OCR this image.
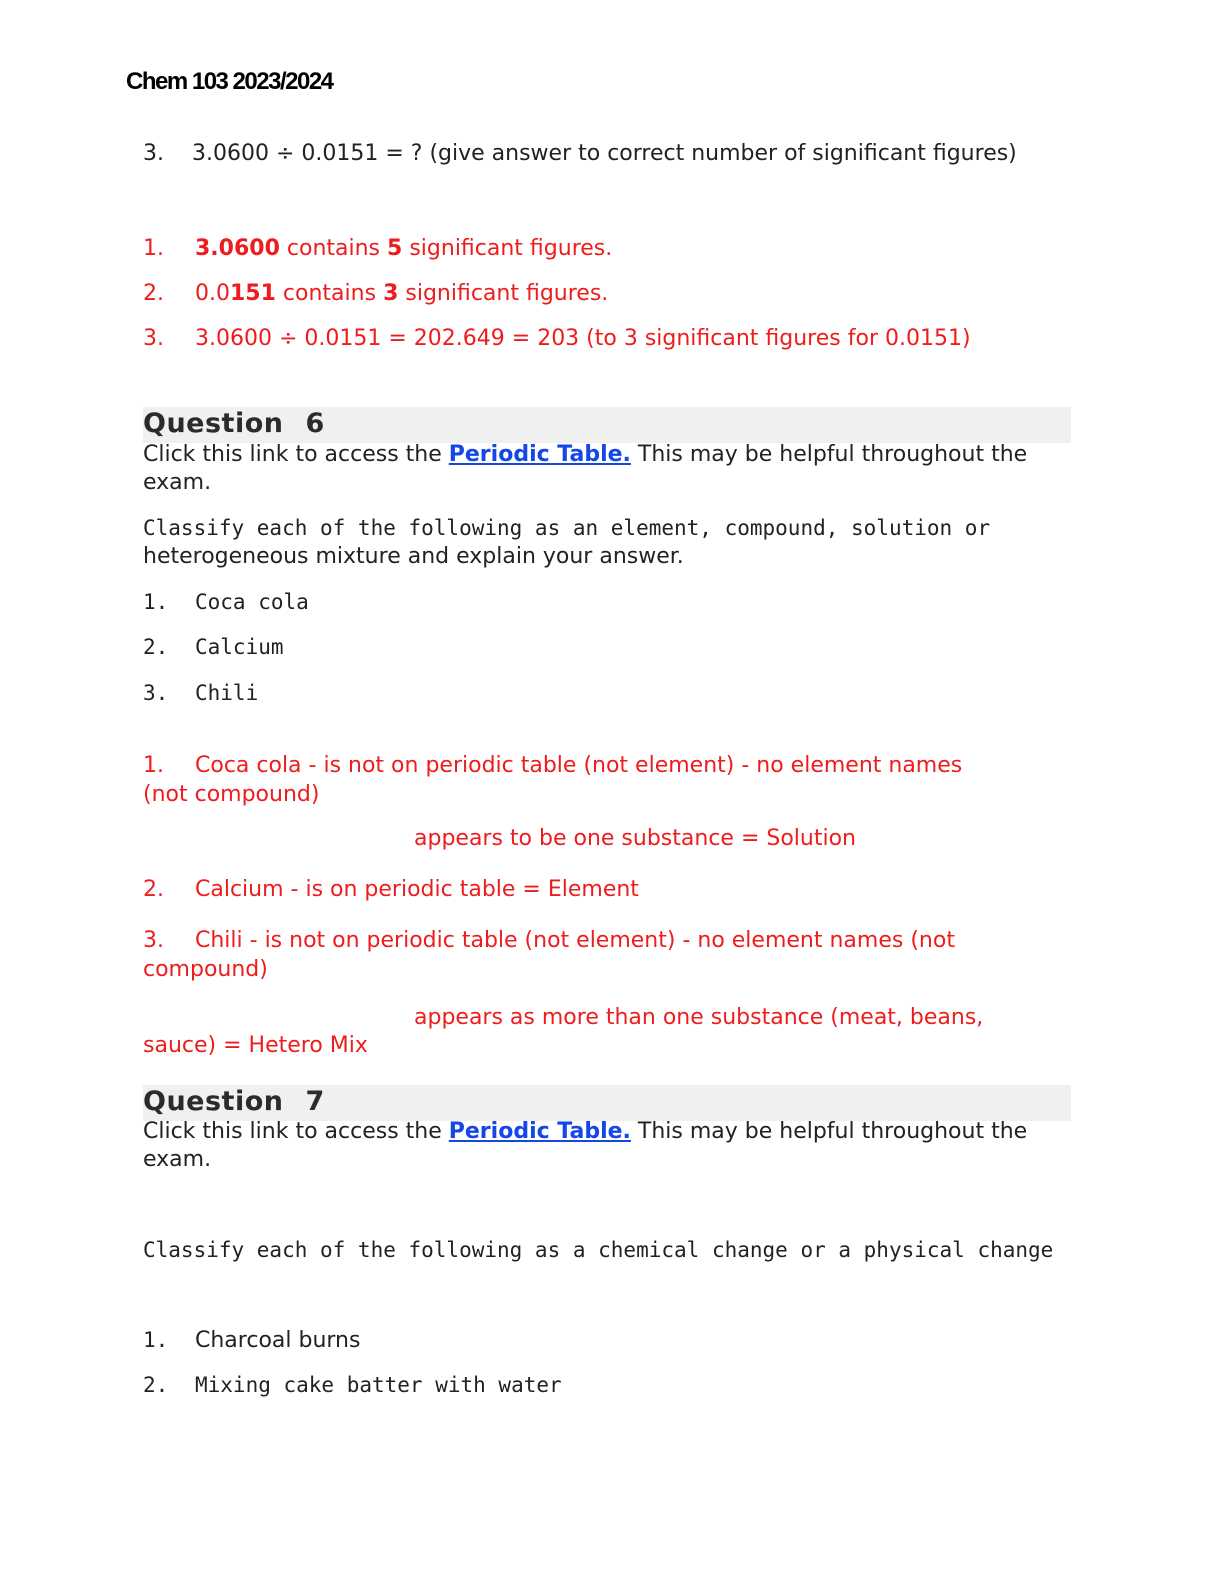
Chem 103 2023/2024
3. 3.0600 ÷ 0.0151 = ? (give answer to correct number of significant figures)
1. 3.0600 contains 5 significant figures.
2. 0.0151 contains 3 significant figures.
3. 3.0600 ÷ 0.0151 = 202.649 = 203 (to 3 significant figures for 0.0151)
Question 6
Click this link to access the Periodic Table. This may be helpful throughout the exam.
Classify each of the following as an element, compound, solution or
heterogeneous mixture and explain your answer.
1. Coca cola
2. Calcium
3. Chili
1. Coca cola - is not on periodic table (not element) - no element names
(not compound)
appears to be one substance = Solution
2. Calcium - is on periodic table = Element
3. Chili - is not on periodic table (not element) - no element names (not
compound)
appears as more than one substance (meat, beans,
sauce) = Hetero Mix
Question 7
Click this link to access the Periodic Table. This may be helpful throughout the exam.
Classify each of the following as a chemical change or a physical change
1. Charcoal burns
2. Mixing cake batter with water
